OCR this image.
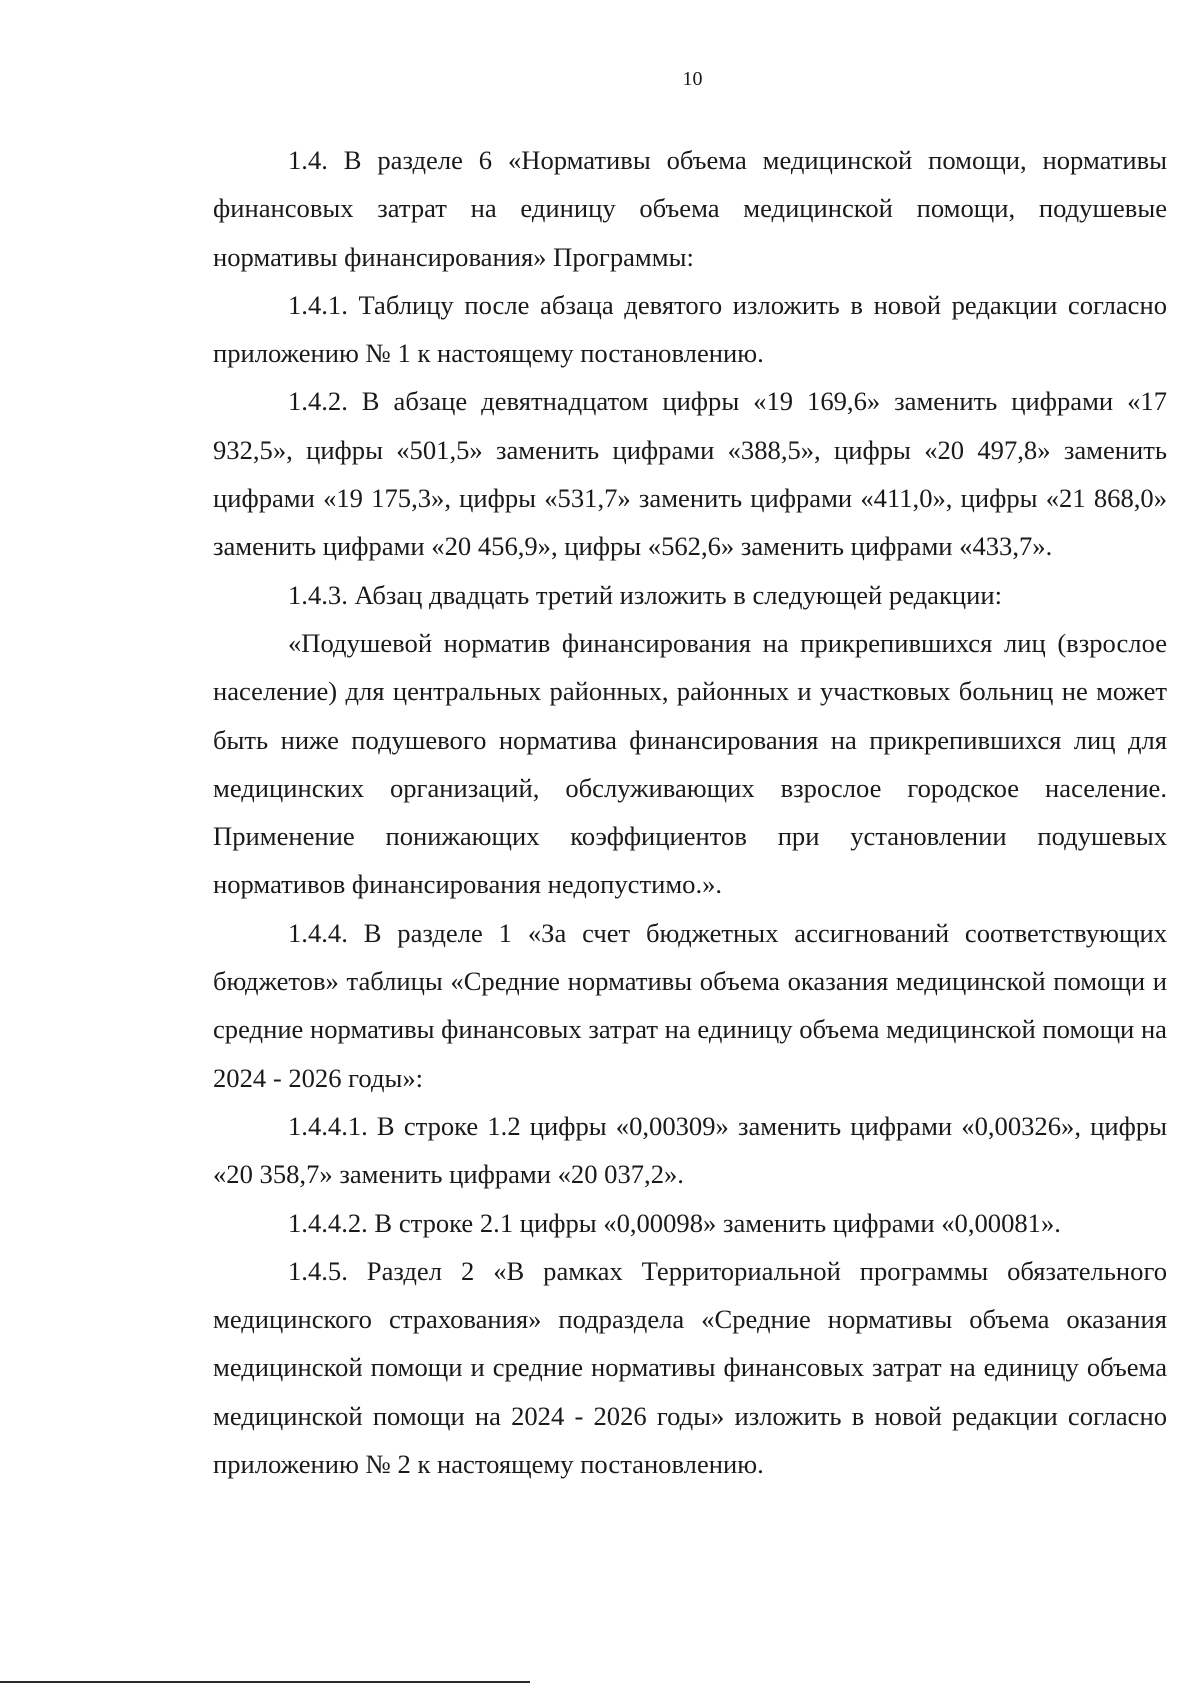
10

1.4. В разделе 6 «Нормативы объема медицинской помощи, нормативы финансовых затрат на единицу объема медицинской помощи, подушевые нормативы финансирования» Программы:

1.4.1. Таблицу после абзаца девятого изложить в новой редакции согласно приложению № 1 к настоящему постановлению.

1.4.2. В абзаце девятнадцатом цифры «19 169,6» заменить цифрами «17 932,5», цифры «501,5» заменить цифрами «388,5», цифры «20 497,8» заменить цифрами «19 175,3», цифры «531,7» заменить цифрами «411,0», цифры «21 868,0» заменить цифрами «20 456,9», цифры «562,6» заменить цифрами «433,7».

1.4.3. Абзац двадцать третий изложить в следующей редакции:

«Подушевой норматив финансирования на прикрепившихся лиц (взрослое население) для центральных районных, районных и участковых больниц не может быть ниже подушевого норматива финансирования на прикрепившихся лиц для медицинских организаций, обслуживающих взрослое городское население. Применение понижающих коэффициентов при установлении подушевых нормативов финансирования недопустимо.».

1.4.4. В разделе 1 «За счет бюджетных ассигнований соответствующих бюджетов» таблицы «Средние нормативы объема оказания медицинской помощи и средние нормативы финансовых затрат на единицу объема медицинской помощи на 2024 - 2026 годы»:

1.4.4.1. В строке 1.2 цифры «0,00309» заменить цифрами «0,00326», цифры «20 358,7» заменить цифрами «20 037,2».

1.4.4.2. В строке 2.1 цифры «0,00098» заменить цифрами «0,00081».

1.4.5. Раздел 2 «В рамках Территориальной программы обязательного медицинского страхования» подраздела «Средние нормативы объема оказания медицинской помощи и средние нормативы финансовых затрат на единицу объема медицинской помощи на 2024 - 2026 годы» изложить в новой редакции согласно приложению № 2 к настоящему постановлению.
